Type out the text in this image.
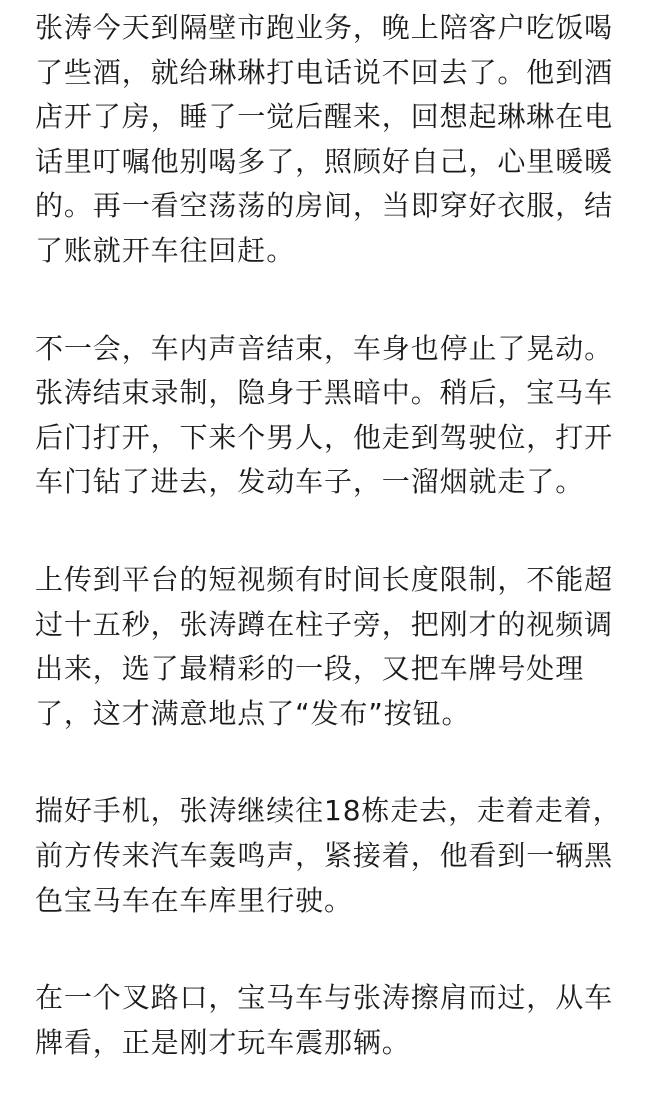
张涛今天到隔壁市跑业务，晚上陪客户吃饭喝
了些酒，就给琳琳打电话说不回去了。他到酒
店开了房，睡了一觉后醒来，回想起琳琳在电
话里叮嘱他别喝多了，照顾好自己，心里暖暖
的。再一看空荡荡的房间，当即穿好衣服，结
了账就开车往回赶。
不一会，车内声音结束，车身也停止了晃动。
张涛结束录制，隐身于黑暗中。稍后，宝马车
后门打开，下来个男人，他走到驾驶位，打开
车门钻了进去，发动车子，一溜烟就走了。
上传到平台的短视频有时间长度限制，不能超
过十五秒，张涛蹲在柱子旁，把刚才的视频调
出来，选了最精彩的一段，又把车牌号处理
了，这才满意地点了“发布”按钮。
揣好手机，张涛继续往18栋走去，走着走着，
前方传来汽车轰鸣声，紧接着，他看到一辆黑
色宝马车在车库里行驶。
在一个叉路口，宝马车与张涛擦肩而过，从车
牌看，正是刚才玩车震那辆。
